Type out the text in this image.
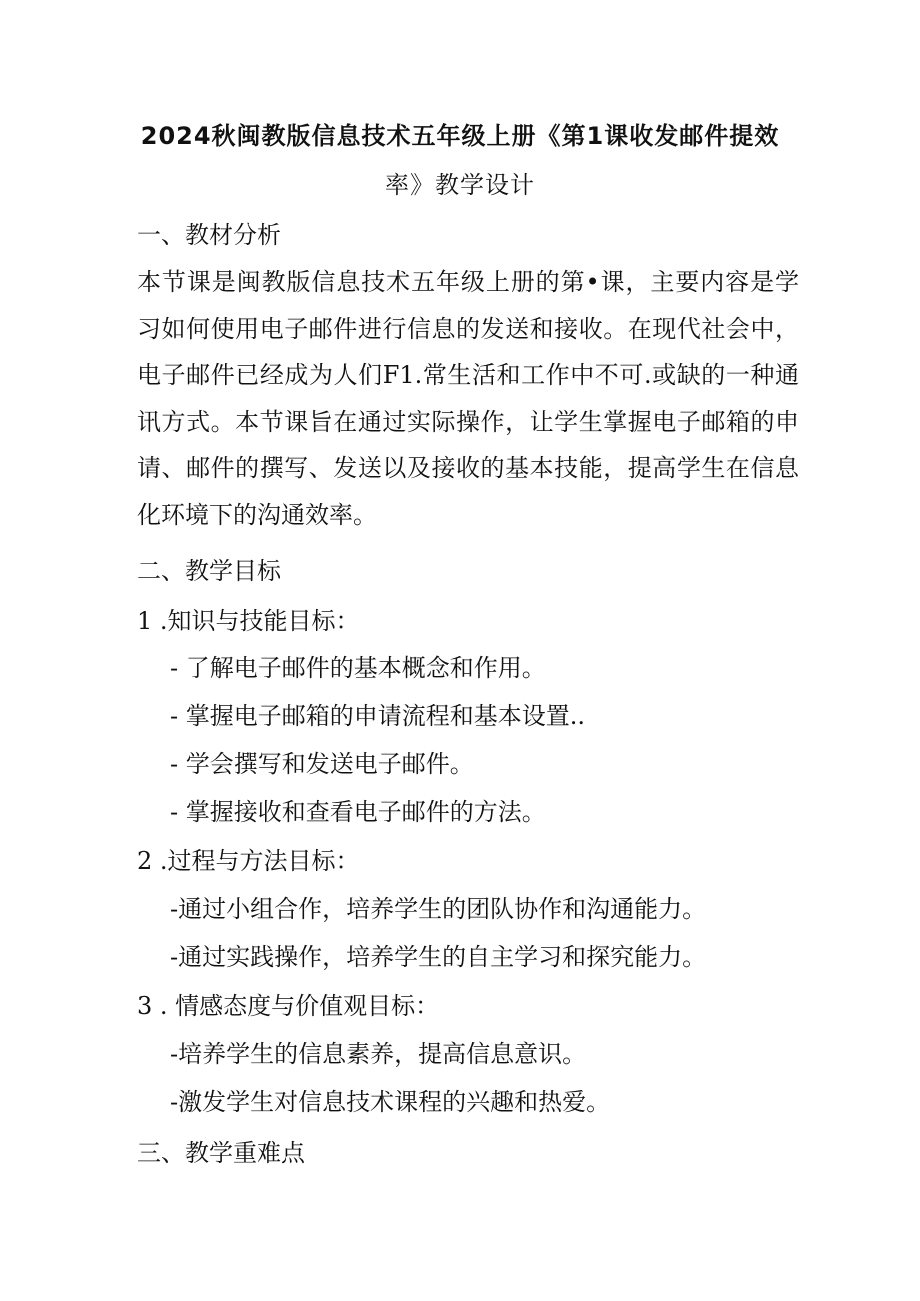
2024秋闽教版信息技术五年级上册《第1课收发邮件提效
率》教学设计
一、教材分析
本节课是闽教版信息技术五年级上册的第•课，主要内容是学习如何使用电子邮件进行信息的发送和接收。在现代社会中，电子邮件已经成为人们F1.常生活和工作中不可.或缺的一种通讯方式。本节课旨在通过实际操作，让学生掌握电子邮箱的申请、邮件的撰写、发送以及接收的基本技能，提高学生在信息化环境下的沟通效率。
二、教学目标
1 .知识与技能目标：
- 了解电子邮件的基本概念和作用。
- 掌握电子邮箱的申请流程和基本设置..
- 学会撰写和发送电子邮件。
- 掌握接收和查看电子邮件的方法。
2 .过程与方法目标：
-通过小组合作，培养学生的团队协作和沟通能力。
-通过实践操作，培养学生的自主学习和探究能力。
3 . 情感态度与价值观目标：
-培养学生的信息素养，提高信息意识。
-激发学生对信息技术课程的兴趣和热爱。
三、教学重难点
